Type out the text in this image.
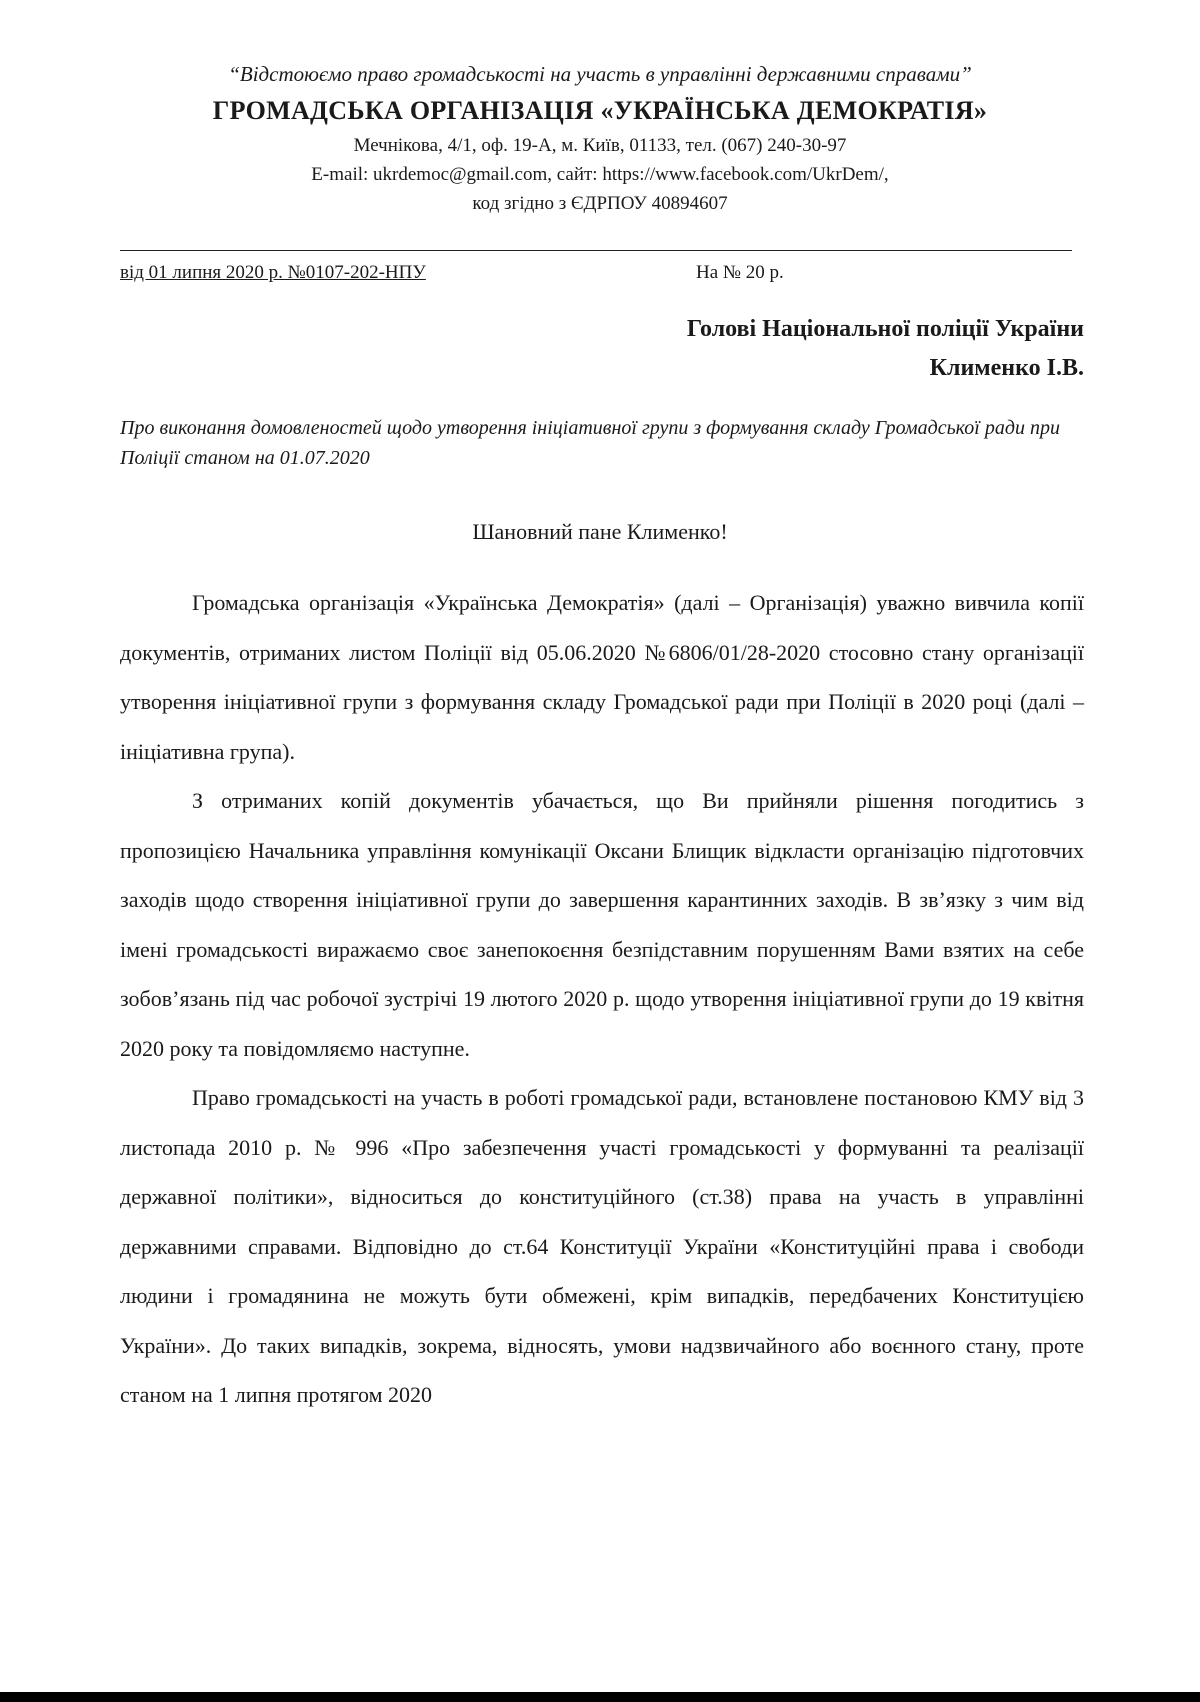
“Відстоюємо право громадськості на участь в управлінні державними справами”
ГРОМАДСЬКА ОРГАНІЗАЦІЯ «УКРАЇНСЬКА ДЕМОКРАТІЯ»
Мечнікова, 4/1, оф. 19-А, м. Київ, 01133, тел. (067) 240-30-97
E-mail: ukrdemoc@gmail.com, сайт: https://www.facebook.com/UkrDem/,
код згідно з ЄДРПОУ 40894607
від 01 липня 2020 р. №0107-202-НПУ	На № 20 р.
Голові Національної поліції України
Клименко І.В.
Про виконання домовленостей щодо утворення ініціативної групи з формування складу Громадської ради при Поліції станом на 01.07.2020
Шановний пане Клименко!

Громадська організація «Українська Демократія» (далі – Організація) уважно вивчила копії документів, отриманих листом Поліції від 05.06.2020 №6806/01/28-2020 стосовно стану організації утворення ініціативної групи з формування складу Громадської ради при Поліції в 2020 році (далі – ініціативна група).

З отриманих копій документів убачається, що Ви прийняли рішення погодитись з пропозицією Начальника управління комунікації Оксани Блищик відкласти організацію підготовчих заходів щодо створення ініціативної групи до завершення карантинних заходів. В зв’язку з чим від імені громадськості виражаємо своє занепокоєння безпідставним порушенням Вами взятих на себе зобов’язань під час робочої зустрічі 19 лютого 2020 р. щодо утворення ініціативної групи до 19 квітня 2020 року та повідомляємо наступне.

Право громадськості на участь в роботі громадської ради, встановлене постановою КМУ від 3 листопада 2010 р. № 996 «Про забезпечення участі громадськості у формуванні та реалізації державної політики», відноситься до конституційного (ст.38) права на участь в управлінні державними справами. Відповідно до ст.64 Конституції України «Конституційні права і свободи людини і громадянина не можуть бути обмежені, крім випадків, передбачених Конституцією України». До таких випадків, зокрема, відносять, умови надзвичайного або воєнного стану, проте станом на 1 липня протягом 2020
